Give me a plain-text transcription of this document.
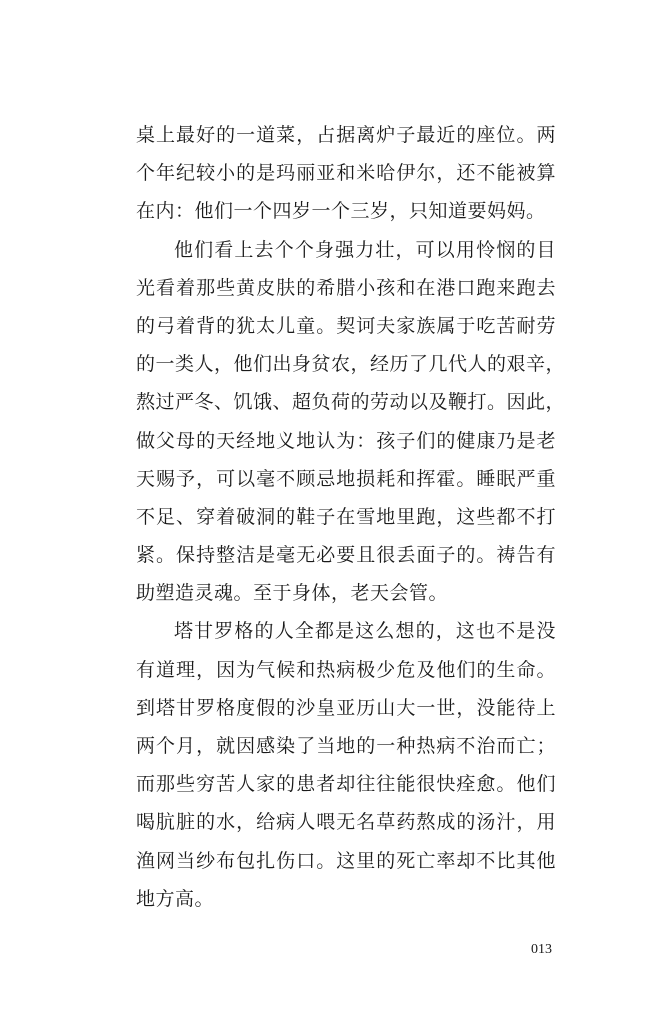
桌上最好的一道菜，占据离炉子最近的座位。两
个年纪较小的是玛丽亚和米哈伊尔，还不能被算
在内：他们一个四岁一个三岁，只知道要妈妈。
他们看上去个个身强力壮，可以用怜悯的目
光看着那些黄皮肤的希腊小孩和在港口跑来跑去
的弓着背的犹太儿童。契诃夫家族属于吃苦耐劳
的一类人，他们出身贫农，经历了几代人的艰辛，
熬过严冬、饥饿、超负荷的劳动以及鞭打。因此，
做父母的天经地义地认为：孩子们的健康乃是老
天赐予，可以毫不顾忌地损耗和挥霍。睡眠严重
不足、穿着破洞的鞋子在雪地里跑，这些都不打
紧。保持整洁是毫无必要且很丢面子的。祷告有
助塑造灵魂。至于身体，老天会管。
塔甘罗格的人全都是这么想的，这也不是没
有道理，因为气候和热病极少危及他们的生命。
到塔甘罗格度假的沙皇亚历山大一世，没能待上
两个月，就因感染了当地的一种热病不治而亡；
而那些穷苦人家的患者却往往能很快痊愈。他们
喝肮脏的水，给病人喂无名草药熬成的汤汁，用
渔网当纱布包扎伤口。这里的死亡率却不比其他
地方高。
013
